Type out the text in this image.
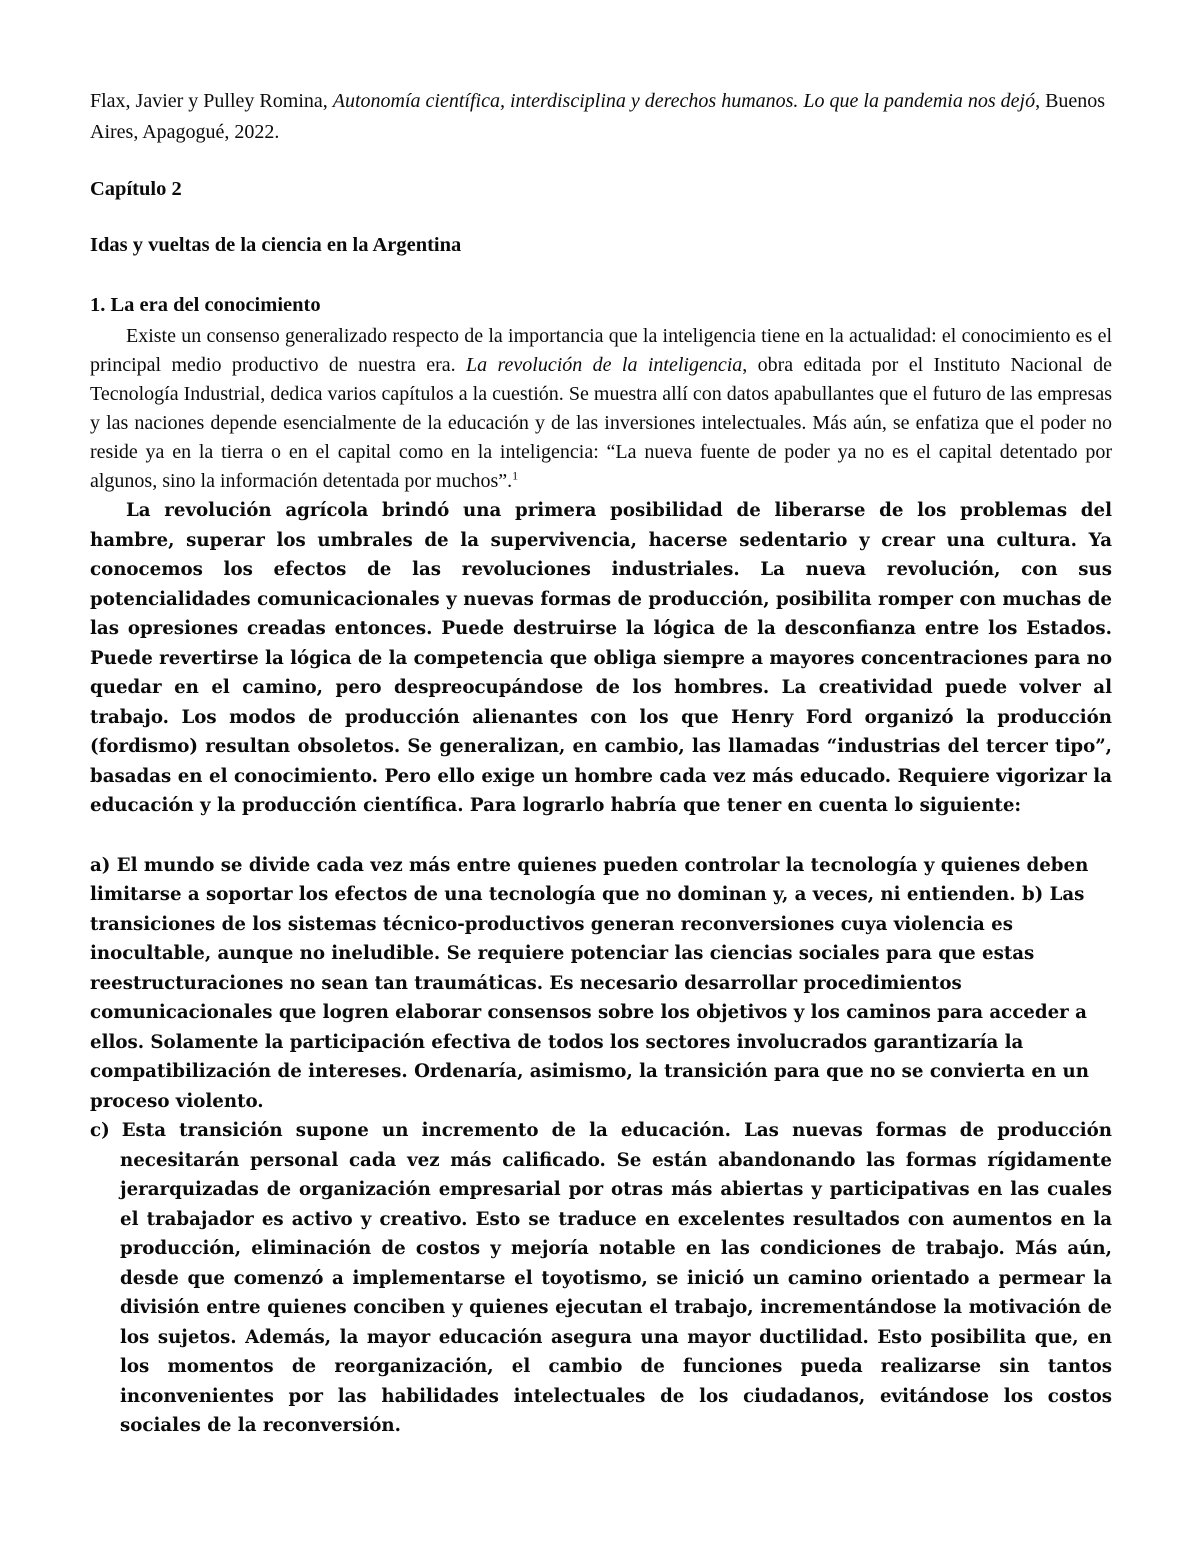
Flax, Javier y Pulley Romina, Autonomía científica, interdisciplina y derechos humanos. Lo que la pandemia nos dejó, Buenos Aires, Apagogué, 2022.

Capítulo 2

Idas y vueltas de la ciencia en la Argentina

1. La era del conocimiento

Existe un consenso generalizado respecto de la importancia que la inteligencia tiene en la actualidad: el conocimiento es el principal medio productivo de nuestra era. La revolución de la inteligencia, obra editada por el Instituto Nacional de Tecnología Industrial, dedica varios capítulos a la cuestión. Se muestra allí con datos apabullantes que el futuro de las empresas y las naciones depende esencialmente de la educación y de las inversiones intelectuales. Más aún, se enfatiza que el poder no reside ya en la tierra o en el capital como en la inteligencia: “La nueva fuente de poder ya no es el capital detentado por algunos, sino la información detentada por muchos”.$^1$

La revolución agrícola brindó una primera posibilidad de liberarse de los problemas del hambre, superar los umbrales de la supervivencia, hacerse sedentario y crear una cultura. Ya conocemos los efectos de las revoluciones industriales. La nueva revolución, con sus potencialidades comunicacionales y nuevas formas de producción, posibilita romper con muchas de las opresiones creadas entonces. Puede destruirse la lógica de la desconfianza entre los Estados. Puede revertirse la lógica de la competencia que obliga siempre a mayores concentraciones para no quedar en el camino, pero despreocupándose de los hombres. La creatividad puede volver al trabajo. Los modos de producción alienantes con los que Henry Ford organizó la producción (fordismo) resultan obsoletos. Se generalizan, en cambio, las llamadas “industrias del tercer tipo”, basadas en el conocimiento. Pero ello exige un hombre cada vez más educado. Requiere vigorizar la educación y la producción científica. Para lograrlo habría que tener en cuenta lo siguiente:

a) El mundo se divide cada vez más entre quienes pueden controlar la tecnología y quienes deben limitarse a soportar los efectos de una tecnología que no dominan y, a veces, ni entienden. b) Las transiciones de los sistemas técnico-productivos generan reconversiones cuya violencia es inocultable, aunque no ineludible. Se requiere potenciar las ciencias sociales para que estas reestructuraciones no sean tan traumáticas. Es necesario desarrollar procedimientos comunicacionales que logren elaborar consensos sobre los objetivos y los caminos para acceder a ellos. Solamente la participación efectiva de todos los sectores involucrados garantizaría la compatibilización de intereses. Ordenaría, asimismo, la transición para que no se convierta en un proceso violento.

c) Esta transición supone un incremento de la educación. Las nuevas formas de producción necesitarán personal cada vez más calificado. Se están abandonando las formas rígidamente jerarquizadas de organización empresarial por otras más abiertas y participativas en las cuales el trabajador es activo y creativo. Esto se traduce en excelentes resultados con aumentos en la producción, eliminación de costos y mejoría notable en las condiciones de trabajo. Más aún, desde que comenzó a implementarse el toyotismo, se inició un camino orientado a permear la división entre quienes conciben y quienes ejecutan el trabajo, incrementándose la motivación de los sujetos. Además, la mayor educación asegura una mayor ductilidad. Esto posibilita que, en los momentos de reorganización, el cambio de funciones pueda realizarse sin tantos inconvenientes por las habilidades intelectuales de los ciudadanos, evitándose los costos sociales de la reconversión.
